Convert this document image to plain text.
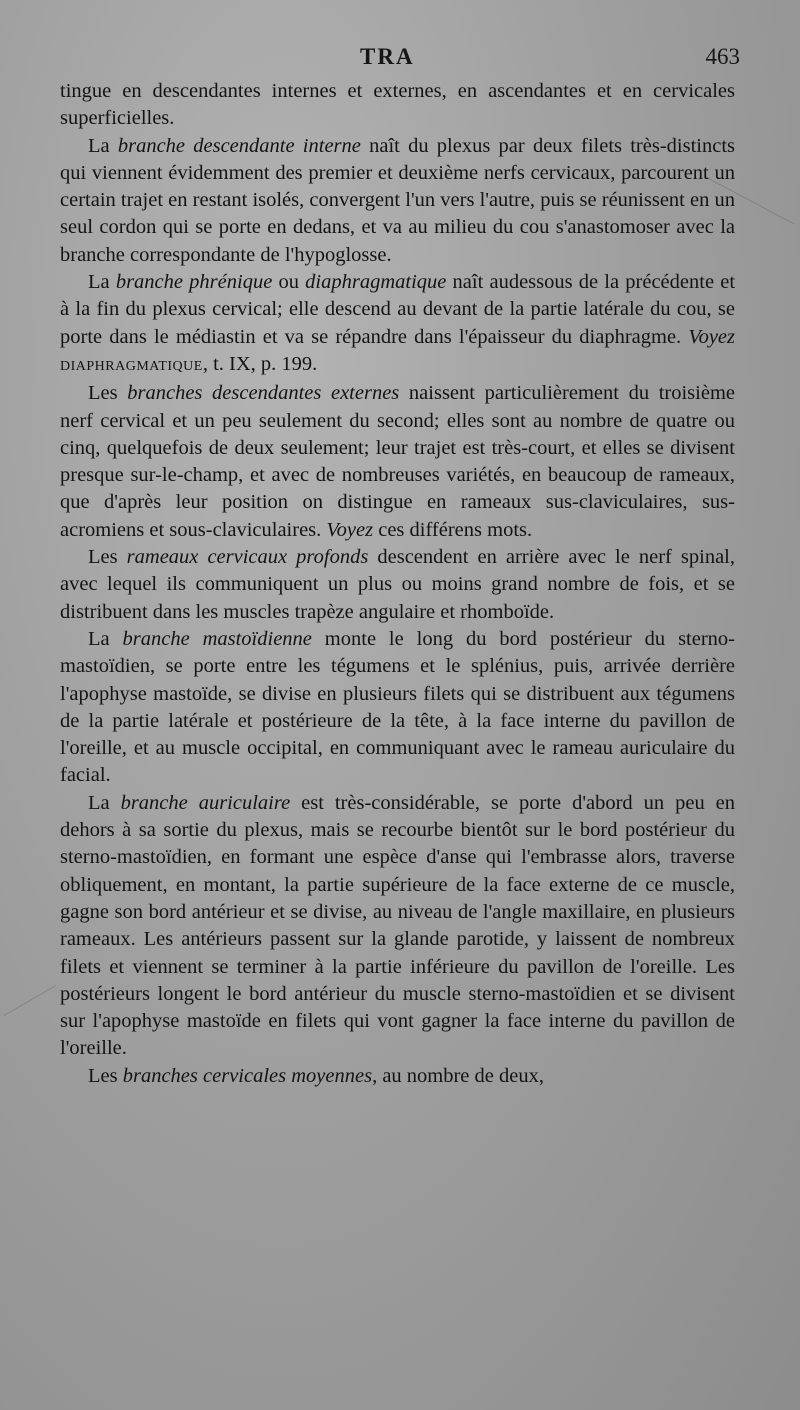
TRA	463

tingue en descendantes internes et externes, en ascendantes et en cervicales superficielles.

La branche descendante interne naît du plexus par deux filets très-distincts qui viennent évidemment des premier et deuxième nerfs cervicaux, parcourent un certain trajet en restant isolés, convergent l'un vers l'autre, puis se réunissent en un seul cordon qui se porte en dedans, et va au milieu du cou s'anastomoser avec la branche correspondante de l'hypoglosse.

La branche phrénique ou diaphragmatique naît audessous de la précédente et à la fin du plexus cervical; elle descend au devant de la partie latérale du cou, se porte dans le médiastin et va se répandre dans l'épaisseur du diaphragme. Voyez DIAPHRAGMATIQUE, t. IX, p. 199.

Les branches descendantes externes naissent particulièrement du troisième nerf cervical et un peu seulement du second; elles sont au nombre de quatre ou cinq, quelquefois de deux seulement; leur trajet est très-court, et elles se divisent presque sur-le-champ, et avec de nombreuses variétés, en beaucoup de rameaux, que d'après leur position on distingue en rameaux sus-claviculaires, sus-acromiens et sous-claviculaires. Voyez ces différens mots.

Les rameaux cervicaux profonds descendent en arrière avec le nerf spinal, avec lequel ils communiquent un plus ou moins grand nombre de fois, et se distribuent dans les muscles trapèze angulaire et rhomboïde.

La branche mastoïdienne monte le long du bord postérieur du sterno-mastoïdien, se porte entre les tégumens et le splénius, puis, arrivée derrière l'apophyse mastoïde, se divise en plusieurs filets qui se distribuent aux tégumens de la partie latérale et postérieure de la tête, à la face interne du pavillon de l'oreille, et au muscle occipital, en communiquant avec le rameau auriculaire du facial.

La branche auriculaire est très-considérable, se porte d'abord un peu en dehors à sa sortie du plexus, mais se recourbe bientôt sur le bord postérieur du sterno-mastoïdien, en formant une espèce d'anse qui l'embrasse alors, traverse obliquement, en montant, la partie supérieure de la face externe de ce muscle, gagne son bord antérieur et se divise, au niveau de l'angle maxillaire, en plusieurs rameaux. Les antérieurs passent sur la glande parotide, y laissent de nombreux filets et viennent se terminer à la partie inférieure du pavillon de l'oreille. Les postérieurs longent le bord antérieur du muscle sterno-mastoïdien et se divisent sur l'apophyse mastoïde en filets qui vont gagner la face interne du pavillon de l'oreille.

Les branches cervicales moyennes, au nombre de deux,
